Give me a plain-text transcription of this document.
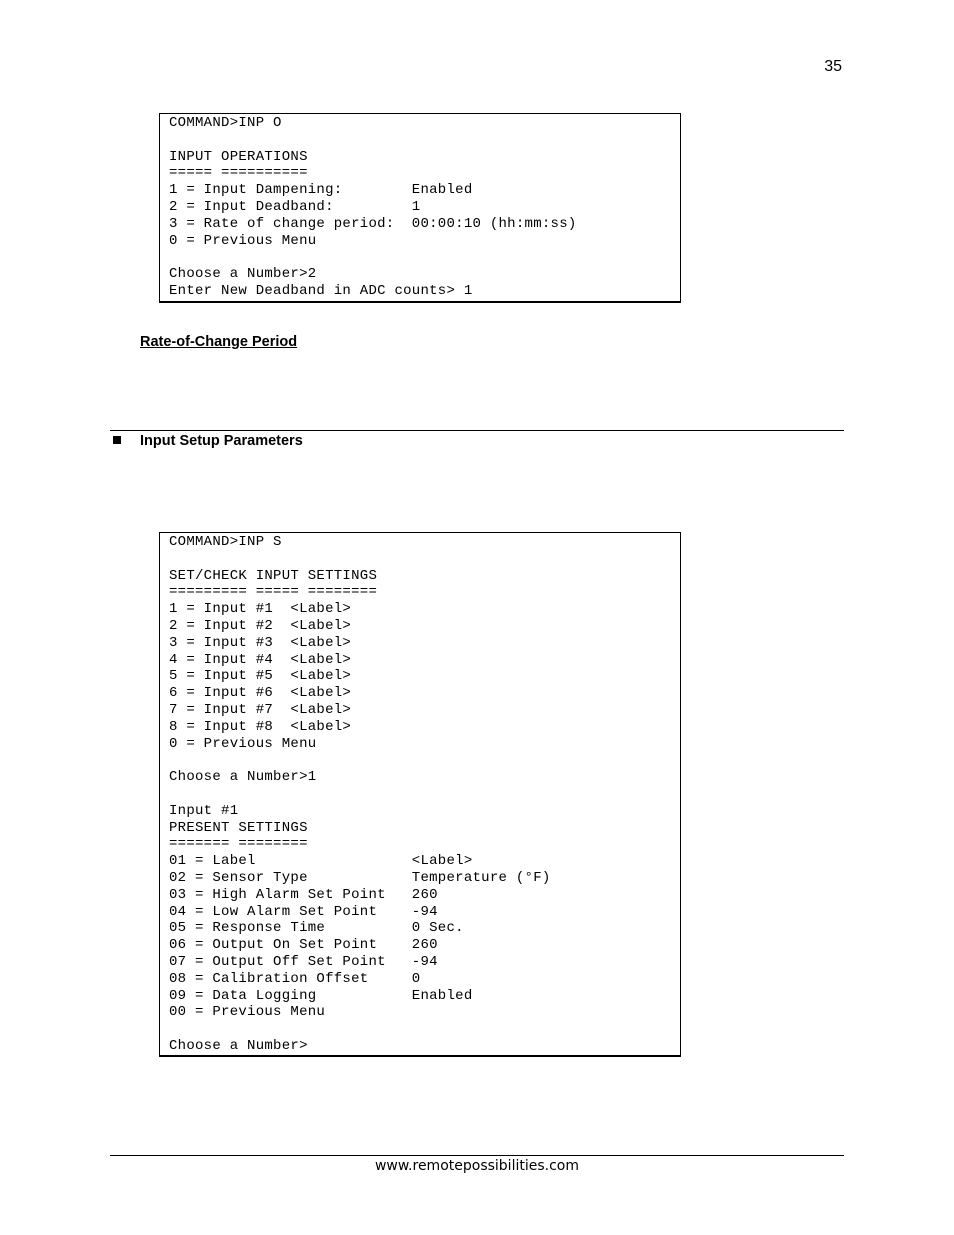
35
COMMAND>INP O

INPUT OPERATIONS
===== ==========
1 = Input Dampening:        Enabled
2 = Input Deadband:         1
3 = Rate of change period:  00:00:10 (hh:mm:ss)
0 = Previous Menu

Choose a Number>2
Enter New Deadband in ADC counts> 1
Rate-of-Change Period
Input Setup Parameters
COMMAND>INP S

SET/CHECK INPUT SETTINGS
========= ===== ========
1 = Input #1  <Label>
2 = Input #2  <Label>
3 = Input #3  <Label>
4 = Input #4  <Label>
5 = Input #5  <Label>
6 = Input #6  <Label>
7 = Input #7  <Label>
8 = Input #8  <Label>
0 = Previous Menu

Choose a Number>1

Input #1
PRESENT SETTINGS
======= ========
01 = Label                  <Label>
02 = Sensor Type            Temperature (°F)
03 = High Alarm Set Point   260
04 = Low Alarm Set Point    -94
05 = Response Time          0 Sec.
06 = Output On Set Point    260
07 = Output Off Set Point   -94
08 = Calibration Offset     0
09 = Data Logging           Enabled
00 = Previous Menu

Choose a Number>
www.remotepossibilities.com
